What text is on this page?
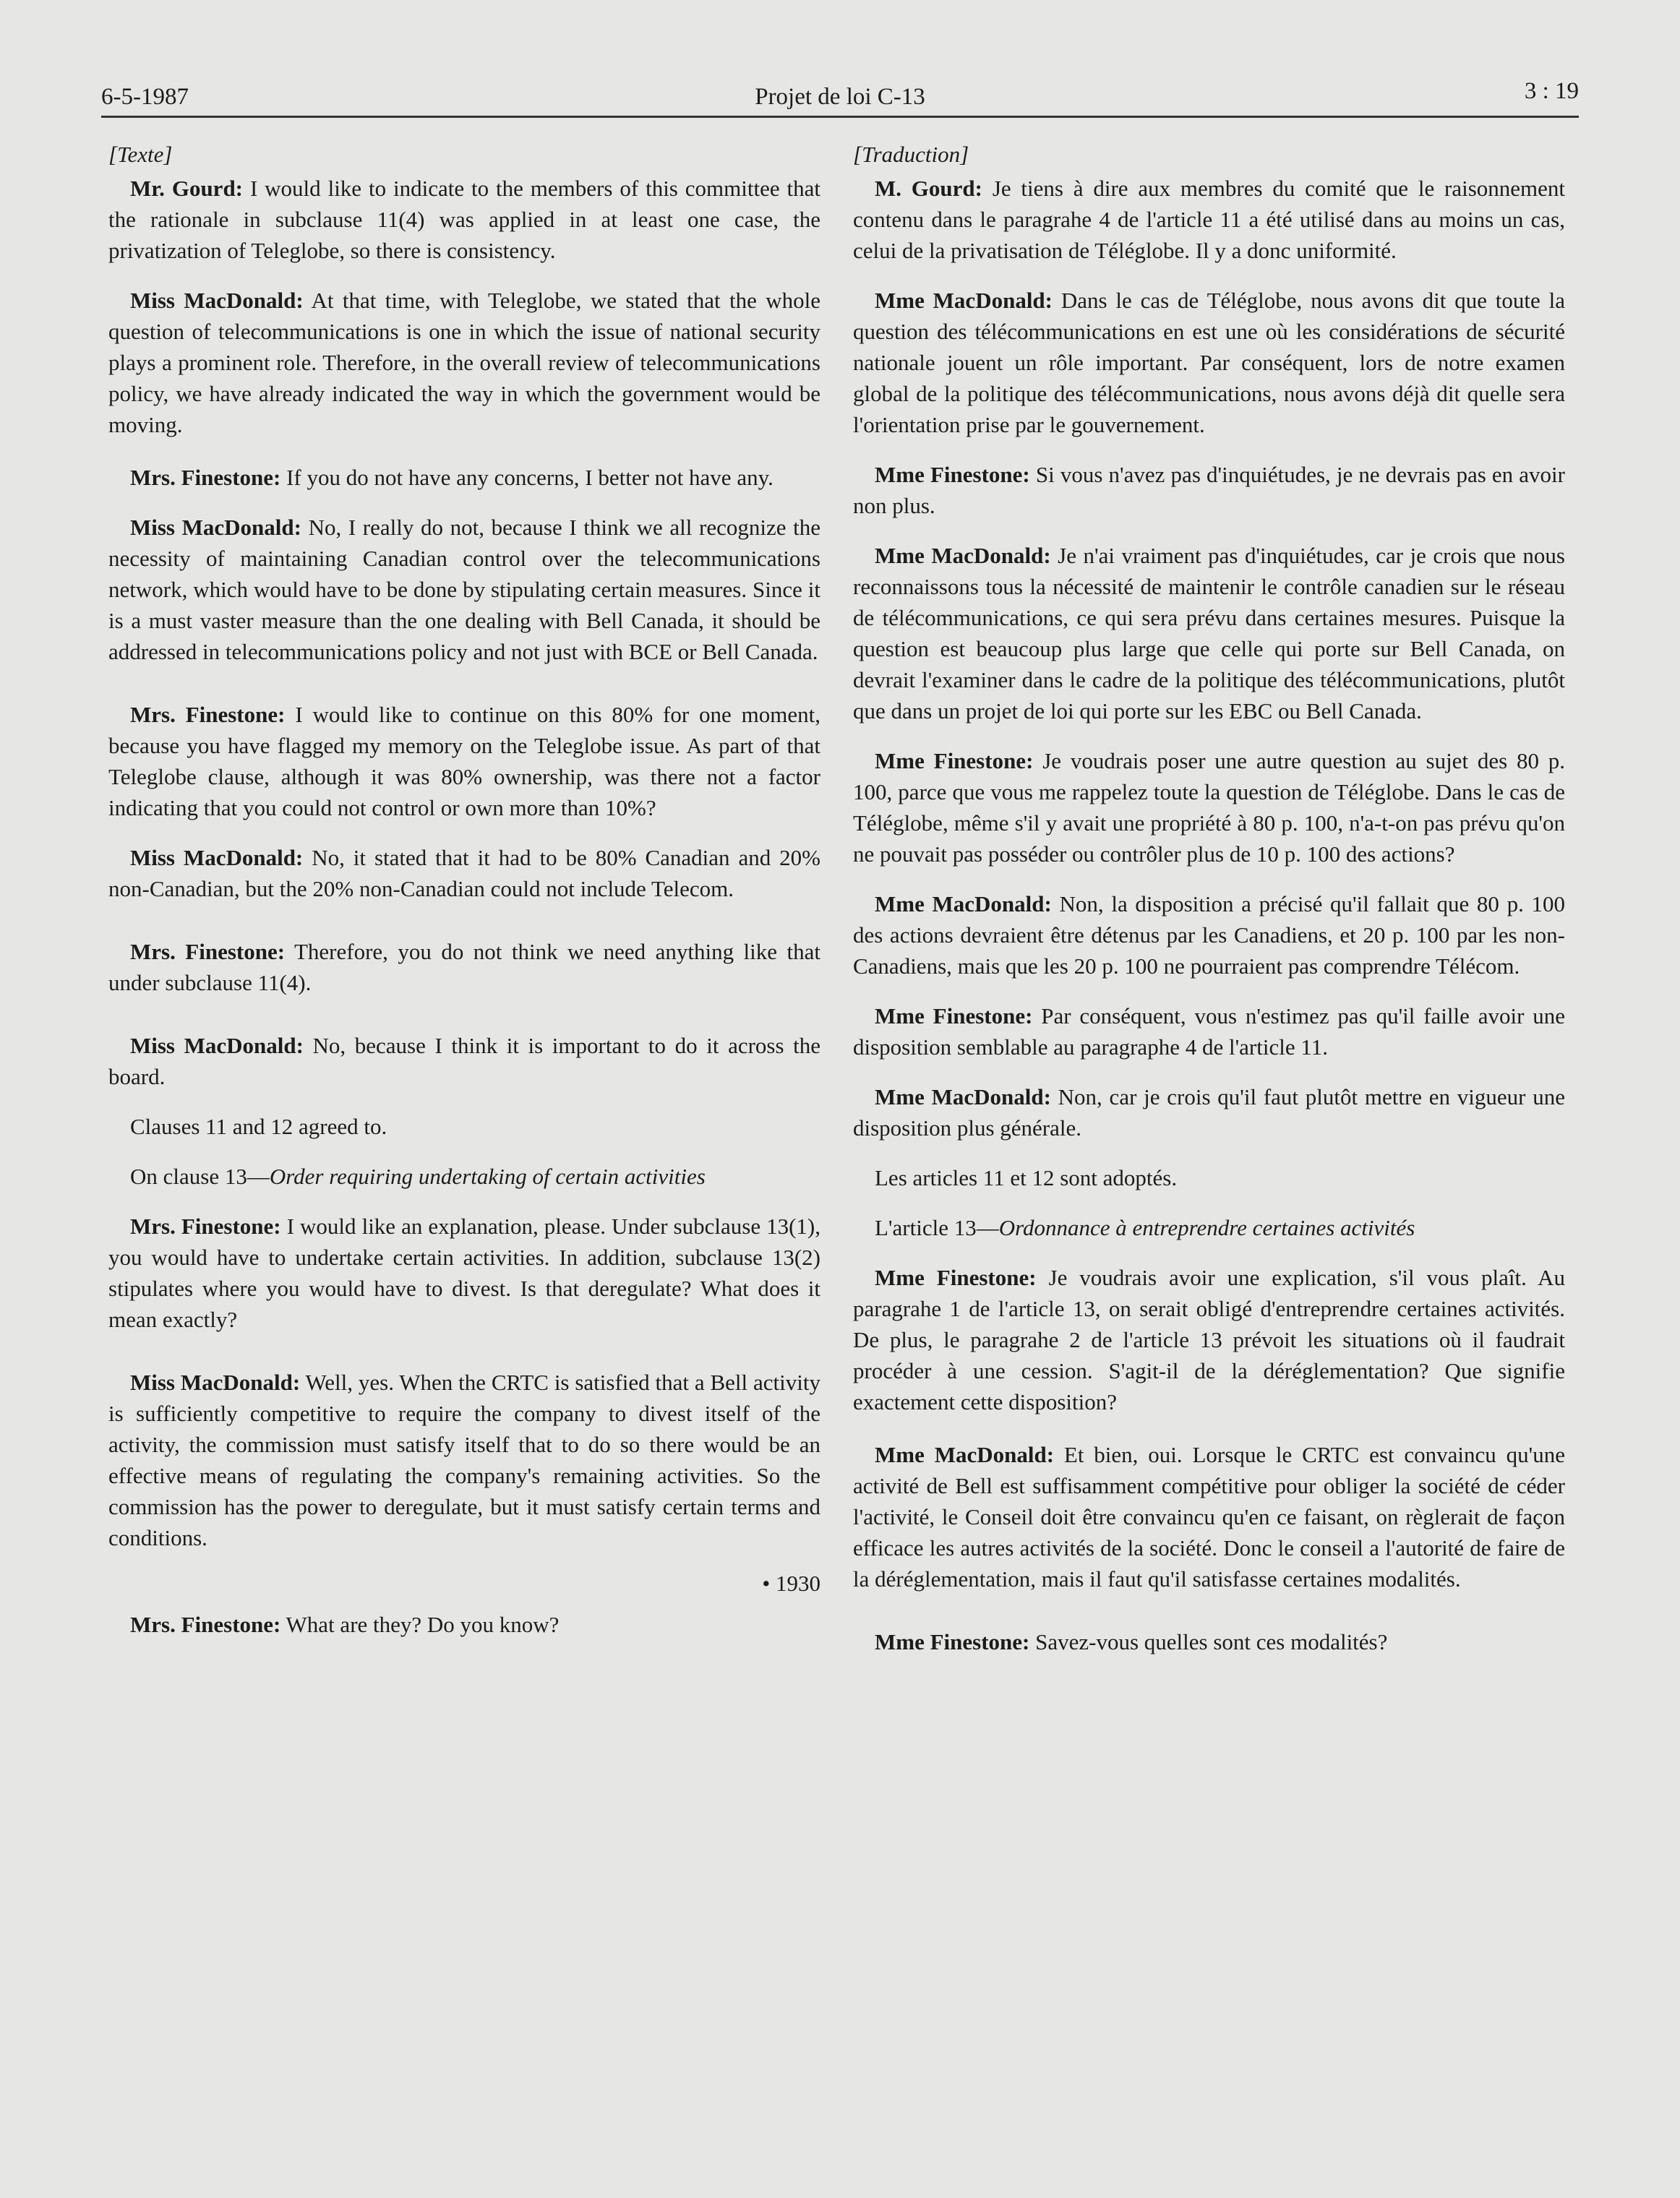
6-5-1987	Projet de loi C-13	3 : 19
[Texte]

Mr. Gourd: I would like to indicate to the members of this committee that the rationale in subclause 11(4) was applied in at least one case, the privatization of Teleglobe, so there is consistency.

Miss MacDonald: At that time, with Teleglobe, we stated that the whole question of telecommunications is one in which the issue of national security plays a prominent role. Therefore, in the overall review of telecommunications policy, we have already indicated the way in which the government would be moving.

Mrs. Finestone: If you do not have any concerns, I better not have any.

Miss MacDonald: No, I really do not, because I think we all recognize the necessity of maintaining Canadian control over the telecommunications network, which would have to be done by stipulating certain measures. Since it is a must vaster measure than the one dealing with Bell Canada, it should be addressed in telecommunications policy and not just with BCE or Bell Canada.

Mrs. Finestone: I would like to continue on this 80% for one moment, because you have flagged my memory on the Teleglobe issue. As part of that Teleglobe clause, although it was 80% ownership, was there not a factor indicating that you could not control or own more than 10%?

Miss MacDonald: No, it stated that it had to be 80% Canadian and 20% non-Canadian, but the 20% non-Canadian could not include Telecom.

Mrs. Finestone: Therefore, you do not think we need anything like that under subclause 11(4).

Miss MacDonald: No, because I think it is important to do it across the board.

Clauses 11 and 12 agreed to.

On clause 13—Order requiring undertaking of certain activities

Mrs. Finestone: I would like an explanation, please. Under subclause 13(1), you would have to undertake certain activities. In addition, subclause 13(2) stipulates where you would have to divest. Is that deregulate? What does it mean exactly?

Miss MacDonald: Well, yes. When the CRTC is satisfied that a Bell activity is sufficiently competitive to require the company to divest itself of the activity, the commission must satisfy itself that to do so there would be an effective means of regulating the company's remaining activities. So the commission has the power to deregulate, but it must satisfy certain terms and conditions.

• 1930

Mrs. Finestone: What are they? Do you know?

[Traduction]

M. Gourd: Je tiens à dire aux membres du comité que le raisonnement contenu dans le paragrahe 4 de l'article 11 a été utilisé dans au moins un cas, celui de la privatisation de Téléglobe. Il y a donc uniformité.

Mme MacDonald: Dans le cas de Téléglobe, nous avons dit que toute la question des télécommunications en est une où les considérations de sécurité nationale jouent un rôle important. Par conséquent, lors de notre examen global de la politique des télécommunications, nous avons déjà dit quelle sera l'orientation prise par le gouvernement.

Mme Finestone: Si vous n'avez pas d'inquiétudes, je ne devrais pas en avoir non plus.

Mme MacDonald: Je n'ai vraiment pas d'inquiétudes, car je crois que nous reconnaissons tous la nécessité de maintenir le contrôle canadien sur le réseau de télécommunications, ce qui sera prévu dans certaines mesures. Puisque la question est beaucoup plus large que celle qui porte sur Bell Canada, on devrait l'examiner dans le cadre de la politique des télécommunications, plutôt que dans un projet de loi qui porte sur les EBC ou Bell Canada.

Mme Finestone: Je voudrais poser une autre question au sujet des 80 p. 100, parce que vous me rappelez toute la question de Téléglobe. Dans le cas de Téléglobe, même s'il y avait une propriété à 80 p. 100, n'a-t-on pas prévu qu'on ne pouvait pas posséder ou contrôler plus de 10 p. 100 des actions?

Mme MacDonald: Non, la disposition a précisé qu'il fallait que 80 p. 100 des actions devraient être détenus par les Canadiens, et 20 p. 100 par les non-Canadiens, mais que les 20 p. 100 ne pourraient pas comprendre Télécom.

Mme Finestone: Par conséquent, vous n'estimez pas qu'il faille avoir une disposition semblable au paragraphe 4 de l'article 11.

Mme MacDonald: Non, car je crois qu'il faut plutôt mettre en vigueur une disposition plus générale.

Les articles 11 et 12 sont adoptés.

L'article 13—Ordonnance à entreprendre certaines activités

Mme Finestone: Je voudrais avoir une explication, s'il vous plaît. Au paragrahe 1 de l'article 13, on serait obligé d'entreprendre certaines activités. De plus, le paragrahe 2 de l'article 13 prévoit les situations où il faudrait procéder à une cession. S'agit-il de la déréglementation? Que signifie exactement cette disposition?

Mme MacDonald: Et bien, oui. Lorsque le CRTC est convaincu qu'une activité de Bell est suffisamment compétitive pour obliger la société de céder l'activité, le Conseil doit être convaincu qu'en ce faisant, on règlerait de façon efficace les autres activités de la société. Donc le conseil a l'autorité de faire de la déréglementation, mais il faut qu'il satisfasse certaines modalités.

Mme Finestone: Savez-vous quelles sont ces modalités?
